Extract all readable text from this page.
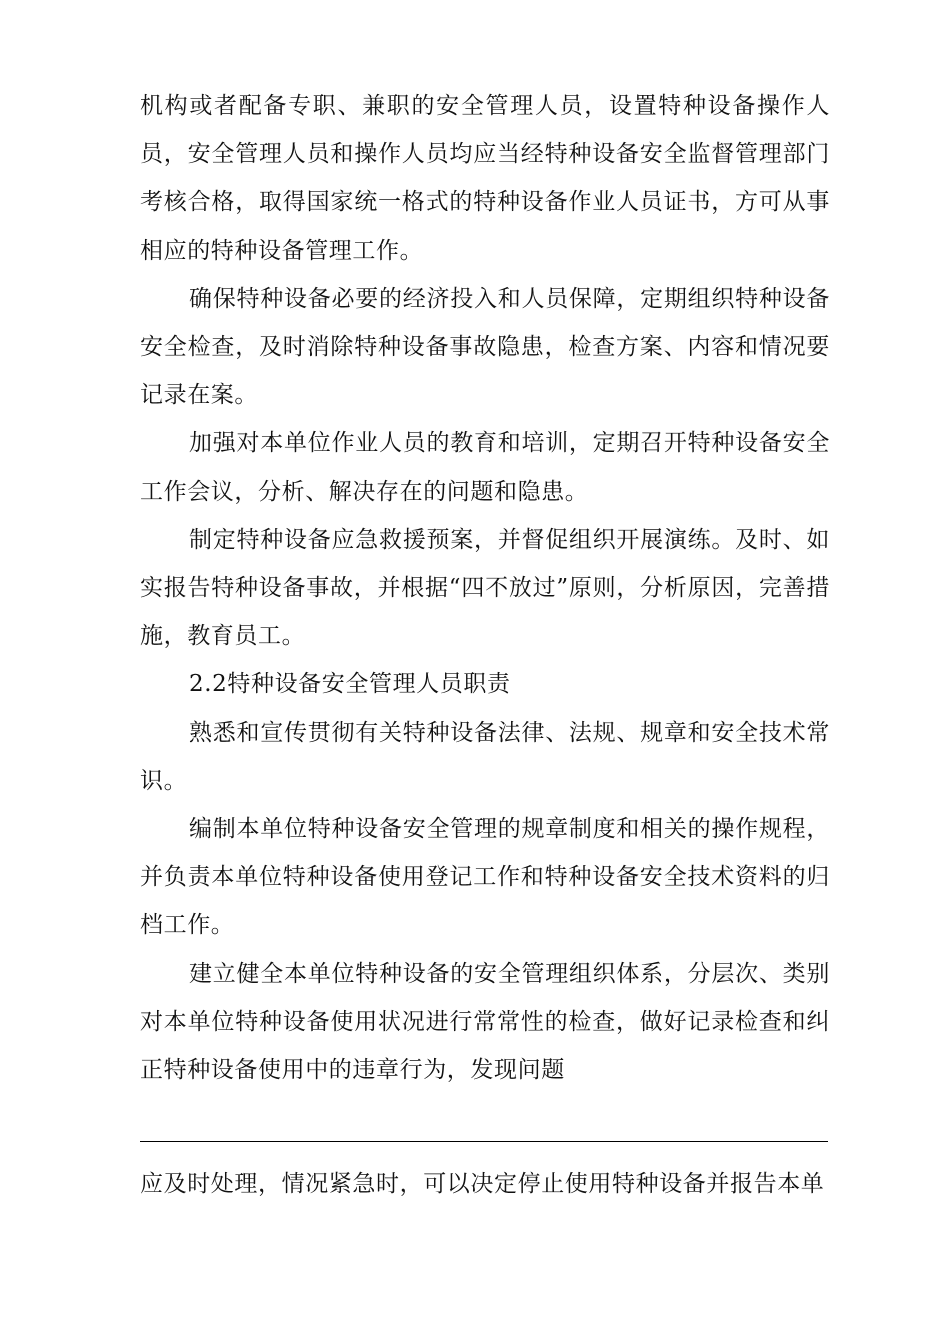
机构或者配备专职、兼职的安全管理人员，设置特种设备操作人员，安全管理人员和操作人员均应当经特种设备安全监督管理部门考核合格，取得国家统一格式的特种设备作业人员证书，方可从事相应的特种设备管理工作。

确保特种设备必要的经济投入和人员保障，定期组织特种设备安全检查，及时消除特种设备事故隐患，检查方案、内容和情况要记录在案。

加强对本单位作业人员的教育和培训，定期召开特种设备安全工作会议，分析、解决存在的问题和隐患。

制定特种设备应急救援预案，并督促组织开展演练。及时、如实报告特种设备事故，并根据“四不放过”原则，分析原因，完善措施，教育员工。

2.2特种设备安全管理人员职责

熟悉和宣传贯彻有关特种设备法律、法规、规章和安全技术常识。

编制本单位特种设备安全管理的规章制度和相关的操作规程，并负责本单位特种设备使用登记工作和特种设备安全技术资料的归档工作。

建立健全本单位特种设备的安全管理组织体系，分层次、类别对本单位特种设备使用状况进行常常性的检查，做好记录检查和纠正特种设备使用中的违章行为，发现问题

应及时处理，情况紧急时，可以决定停止使用特种设备并报告本单
